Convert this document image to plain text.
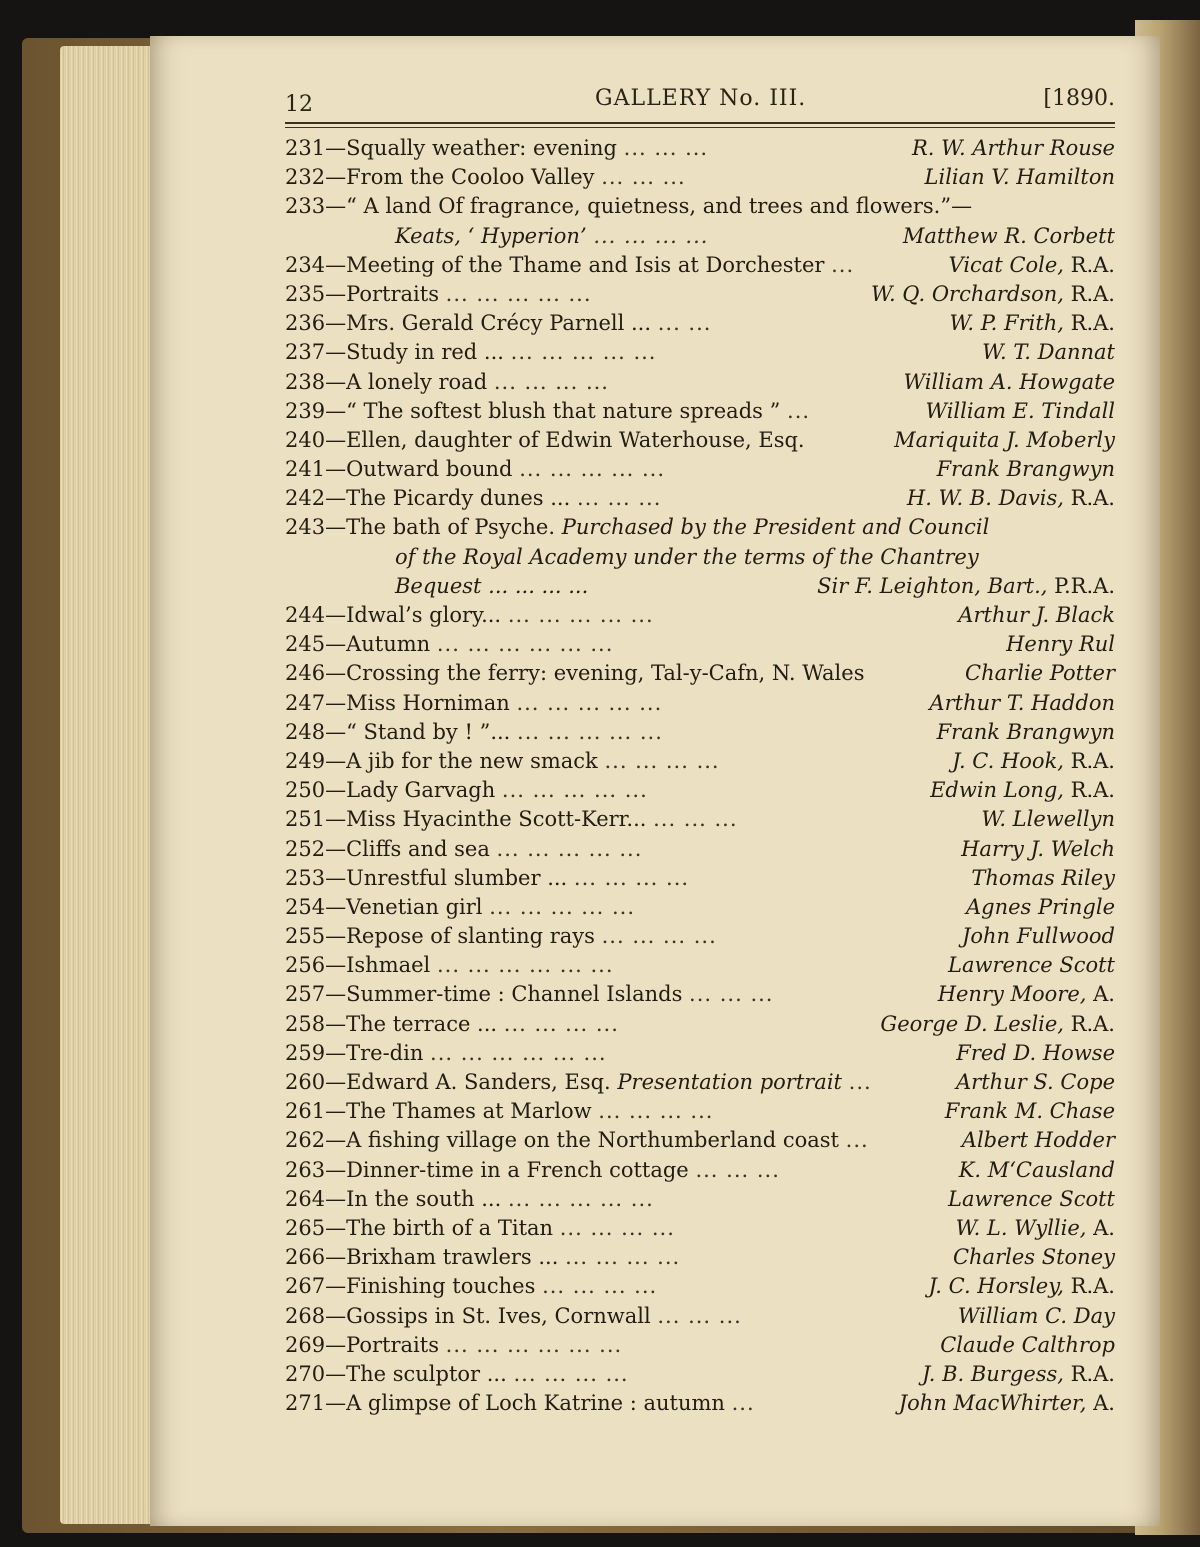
12	GALLERY No. III.	[1890.
231—Squally weather: evening ... ... ...	R. W. Arthur Rouse
232—From the Cooloo Valley ... ... ...	Lilian V. Hamilton
233—“ A land Of fragrance, quietness, and trees and flowers.”—
Keats, ‘ Hyperion’ ... ... ... ...	Matthew R. Corbett
234—Meeting of the Thame and Isis at Dorchester ...	Vicat Cole, R.A.
235—Portraits ... ... ... ... ...	W. Q. Orchardson, R.A.
236—Mrs. Gerald Crécy Parnell ... ... ...	W. P. Frith, R.A.
237—Study in red ... ... ... ... ... ...	W. T. Dannat
238—A lonely road ... ... ... ...	William A. Howgate
239—“ The softest blush that nature spreads ” ...	William E. Tindall
240—Ellen, daughter of Edwin Waterhouse, Esq.	Mariquita J. Moberly
241—Outward bound ... ... ... ... ...	Frank Brangwyn
242—The Picardy dunes ... ... ... ...	H. W. B. Davis, R.A.
243—The bath of Psyche. Purchased by the President and Council
of the Royal Academy under the terms of the Chantrey
Bequest ... ... ... ...	Sir F. Leighton, Bart., P.R.A.
244—Idwal’s glory... ... ... ... ... ...	Arthur J. Black
245—Autumn ... ... ... ... ... ...	Henry Rul
246—Crossing the ferry: evening, Tal-y-Cafn, N. Wales	Charlie Potter
247—Miss Horniman ... ... ... ... ...	Arthur T. Haddon
248—“ Stand by ! ”... ... ... ... ... ...	Frank Brangwyn
249—A jib for the new smack ... ... ... ...	J. C. Hook, R.A.
250—Lady Garvagh ... ... ... ... ...	Edwin Long, R.A.
251—Miss Hyacinthe Scott-Kerr... ... ... ...	W. Llewellyn
252—Cliffs and sea ... ... ... ... ...	Harry J. Welch
253—Unrestful slumber ... ... ... ... ...	Thomas Riley
254—Venetian girl ... ... ... ... ...	Agnes Pringle
255—Repose of slanting rays ... ... ... ...	John Fullwood
256—Ishmael ... ... ... ... ... ...	Lawrence Scott
257—Summer-time : Channel Islands ... ... ...	Henry Moore, A.
258—The terrace ... ... ... ... ...	George D. Leslie, R.A.
259—Tre-din ... ... ... ... ... ...	Fred D. Howse
260—Edward A. Sanders, Esq. Presentation portrait ...	Arthur S. Cope
261—The Thames at Marlow ... ... ... ...	Frank M. Chase
262—A fishing village on the Northumberland coast ...	Albert Hodder
263—Dinner-time in a French cottage ... ... ...	K. M‘Causland
264—In the south ... ... ... ... ... ...	Lawrence Scott
265—The birth of a Titan ... ... ... ...	W. L. Wyllie, A.
266—Brixham trawlers ... ... ... ... ...	Charles Stoney
267—Finishing touches ... ... ... ...	J. C. Horsley, R.A.
268—Gossips in St. Ives, Cornwall ... ... ...	William C. Day
269—Portraits ... ... ... ... ... ...	Claude Calthrop
270—The sculptor ... ... ... ... ...	J. B. Burgess, R.A.
271—A glimpse of Loch Katrine : autumn ...	John MacWhirter, A.
